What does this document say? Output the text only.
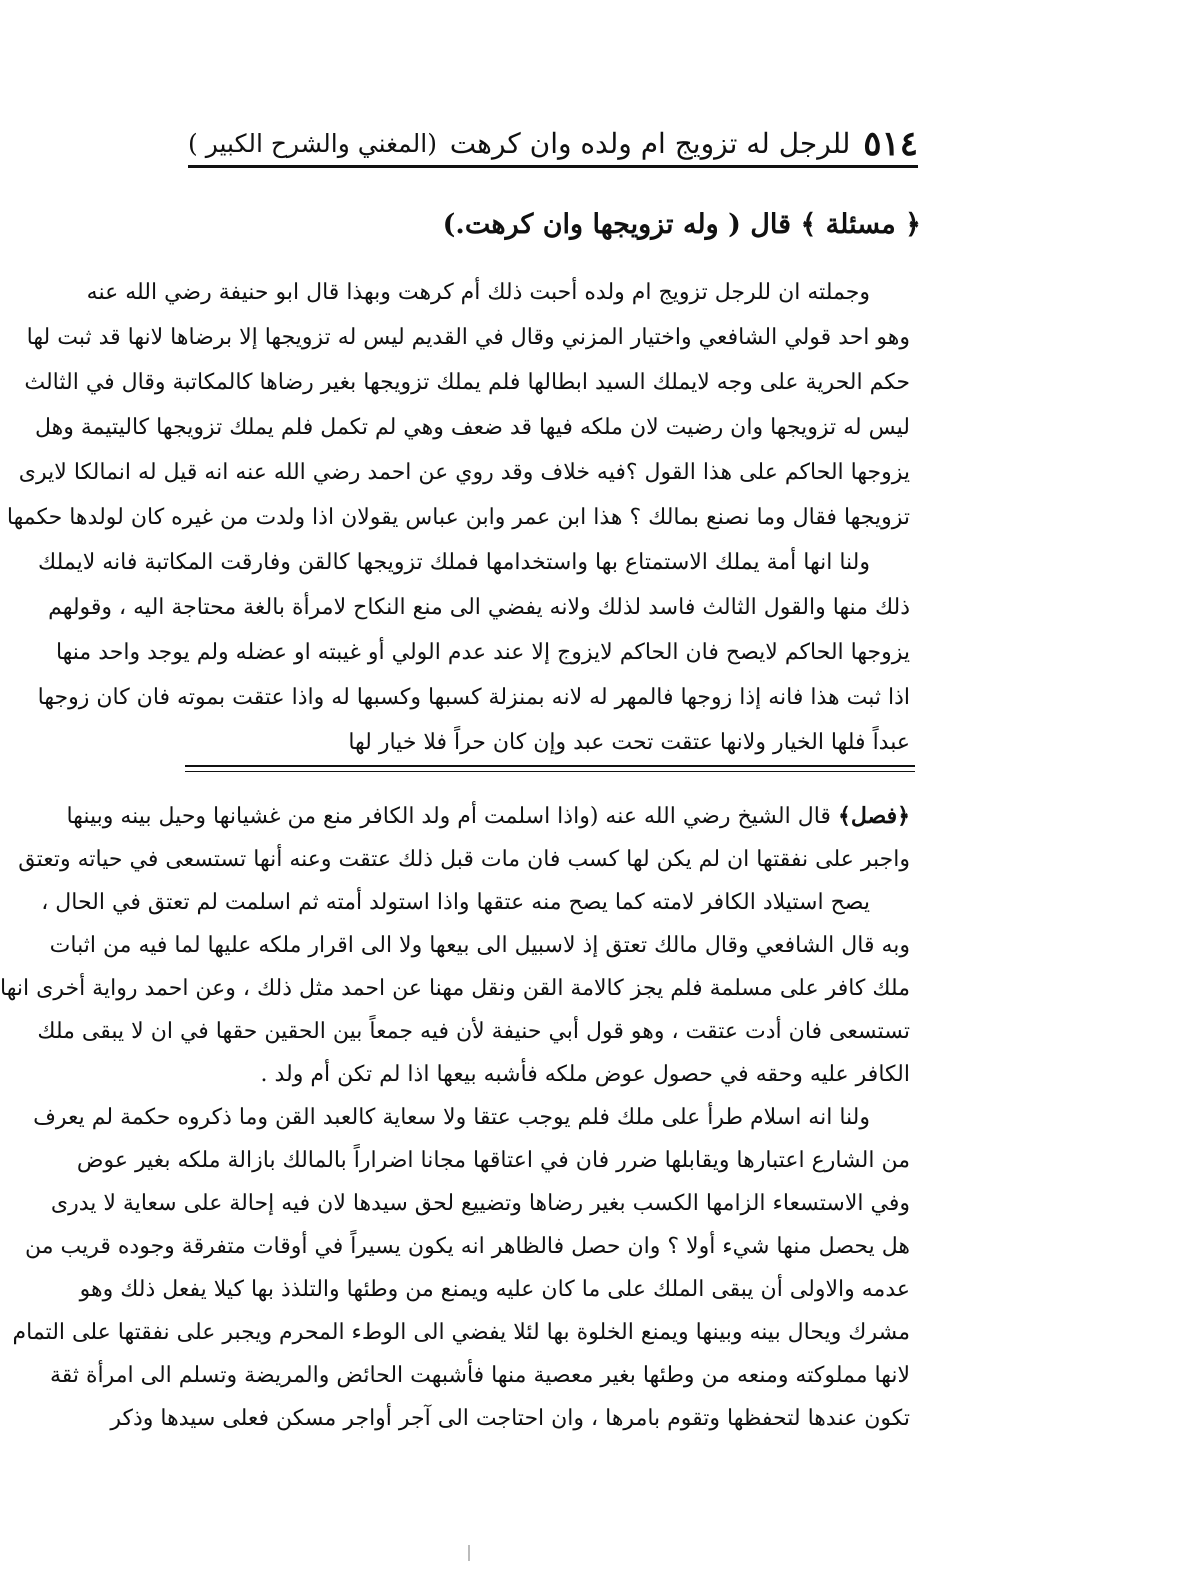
٥١٤
للرجل له تزويج ام ولده وان كرهت
(المغني والشرح الكبير )
﴿ مسئلة ﴾ قال ( وله تزويجها وان كرهت.)

وجملته ان للرجل تزويج ام ولده أحبت ذلك أم كرهت وبهذا قال ابو حنيفة رضي الله عنه

وهو احد قولي الشافعي واختيار المزني وقال في القديم ليس له تزويجها إلا برضاها لانها قد ثبت لها

حكم الحرية على وجه لايملك السيد ابطالها فلم يملك تزويجها بغير رضاها كالمكاتبة وقال في الثالث

ليس له تزويجها وان رضيت لان ملكه فيها قد ضعف وهي لم تكمل فلم يملك تزويجها كاليتيمة وهل

يزوجها الحاكم على هذا القول ؟فيه خلاف وقد روي عن احمد رضي الله عنه انه قيل له انمالكا لايرى

تزويجها فقال وما نصنع بمالك ؟ هذا ابن عمر وابن عباس يقولان اذا ولدت من غيره كان لولدها حكمها

ولنا انها أمة يملك الاستمتاع بها واستخدامها فملك تزويجها كالقن وفارقت المكاتبة فانه لايملك

ذلك منها والقول الثالث فاسد لذلك ولانه يفضي الى منع النكاح لامرأة بالغة محتاجة اليه ، وقولهم

يزوجها الحاكم لايصح فان الحاكم لايزوج إلا عند عدم الولي أو غيبته او عضله ولم يوجد واحد منها

اذا ثبت هذا فانه إذا زوجها فالمهر له لانه بمنزلة كسبها وكسبها له واذا عتقت بموته فان كان زوجها

عبداً فلها الخيار ولانها عتقت تحت عبد وإن كان حراً فلا خيار لها

﴿فصل﴾ قال الشيخ رضي الله عنه (واذا اسلمت أم ولد الكافر منع من غشيانها وحيل بينه وبينها

واجبر على نفقتها ان لم يكن لها كسب فان مات قبل ذلك عتقت وعنه أنها تستسعى في حياته وتعتق

يصح استيلاد الكافر لامته كما يصح منه عتقها واذا استولد أمته ثم اسلمت لم تعتق في الحال ،

وبه قال الشافعي وقال مالك تعتق إذ لاسبيل الى بيعها ولا الى اقرار ملكه عليها لما فيه من اثبات

ملك كافر على مسلمة فلم يجز كالامة القن ونقل مهنا عن احمد مثل ذلك ، وعن احمد رواية أخرى انها

تستسعى فان أدت عتقت ، وهو قول أبي حنيفة لأن فيه جمعاً بين الحقين حقها في ان لا يبقى ملك

الكافر عليه وحقه في حصول عوض ملكه فأشبه بيعها اذا لم تكن أم ولد .

ولنا انه اسلام طرأ على ملك فلم يوجب عتقا ولا سعاية كالعبد القن وما ذكروه حكمة لم يعرف

من الشارع اعتبارها ويقابلها ضرر فان في اعتاقها مجانا اضراراً بالمالك بازالة ملكه بغير عوض

وفي الاستسعاء الزامها الكسب بغير رضاها وتضييع لحق سيدها لان فيه إحالة على سعاية لا يدرى

هل يحصل منها شيء أولا ؟ وان حصل فالظاهر انه يكون يسيراً في أوقات متفرقة وجوده قريب من

عدمه والاولى أن يبقى الملك على ما كان عليه ويمنع من وطئها والتلذذ بها كيلا يفعل ذلك وهو

مشرك ويحال بينه وبينها ويمنع الخلوة بها لئلا يفضي الى الوطء المحرم ويجبر على نفقتها على التمام

لانها مملوكته ومنعه من وطئها بغير معصية منها فأشبهت الحائض والمريضة وتسلم الى امرأة ثقة

تكون عندها لتحفظها وتقوم بامرها ، وان احتاجت الى آجر أواجر مسكن فعلى سيدها وذكر
